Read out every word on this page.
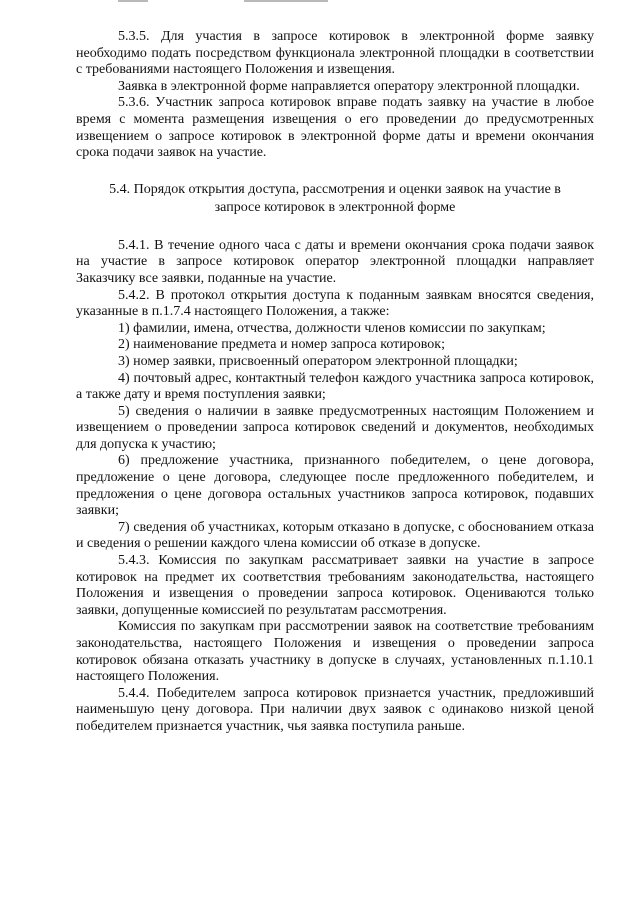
5.3.5. Для участия в запросе котировок в электронной форме заявку необходимо подать посредством функционала электронной площадки в соответствии с требованиями настоящего Положения и извещения.

Заявка в электронной форме направляется оператору электронной площадки.

5.3.6. Участник запроса котировок вправе подать заявку на участие в любое время с момента размещения извещения о его проведении до предусмотренных извещением о запросе котировок в электронной форме даты и времени окончания срока подачи заявок на участие.

5.4. Порядок открытия доступа, рассмотрения и оценки заявок на участие в
запросе котировок в электронной форме

5.4.1. В течение одного часа с даты и времени окончания срока подачи заявок на участие в запросе котировок оператор электронной площадки направляет Заказчику все заявки, поданные на участие.

5.4.2. В протокол открытия доступа к поданным заявкам вносятся сведения, указанные в п.1.7.4 настоящего Положения, а также:

1) фамилии, имена, отчества, должности членов комиссии по закупкам;

2) наименование предмета и номер запроса котировок;

3) номер заявки, присвоенный оператором электронной площадки;

4) почтовый адрес, контактный телефон каждого участника запроса котировок, а также дату и время поступления заявки;

5) сведения о наличии в заявке предусмотренных настоящим Положением и извещением о проведении запроса котировок сведений и документов, необходимых для допуска к участию;

6) предложение участника, признанного победителем, о цене договора, предложение о цене договора, следующее после предложенного победителем, и предложения о цене договора остальных участников запроса котировок, подавших заявки;

7) сведения об участниках, которым отказано в допуске, с обоснованием отказа и сведения о решении каждого члена комиссии об отказе в допуске.

5.4.3. Комиссия по закупкам рассматривает заявки на участие в запросе котировок на предмет их соответствия требованиям законодательства, настоящего Положения и извещения о проведении запроса котировок. Оцениваются только заявки, допущенные комиссией по результатам рассмотрения.

Комиссия по закупкам при рассмотрении заявок на соответствие требованиям законодательства, настоящего Положения и извещения о проведении запроса котировок обязана отказать участнику в допуске в случаях, установленных п.1.10.1 настоящего Положения.

5.4.4. Победителем запроса котировок признается участник, предложивший наименьшую цену договора. При наличии двух заявок с одинаково низкой ценой победителем признается участник, чья заявка поступила раньше.
